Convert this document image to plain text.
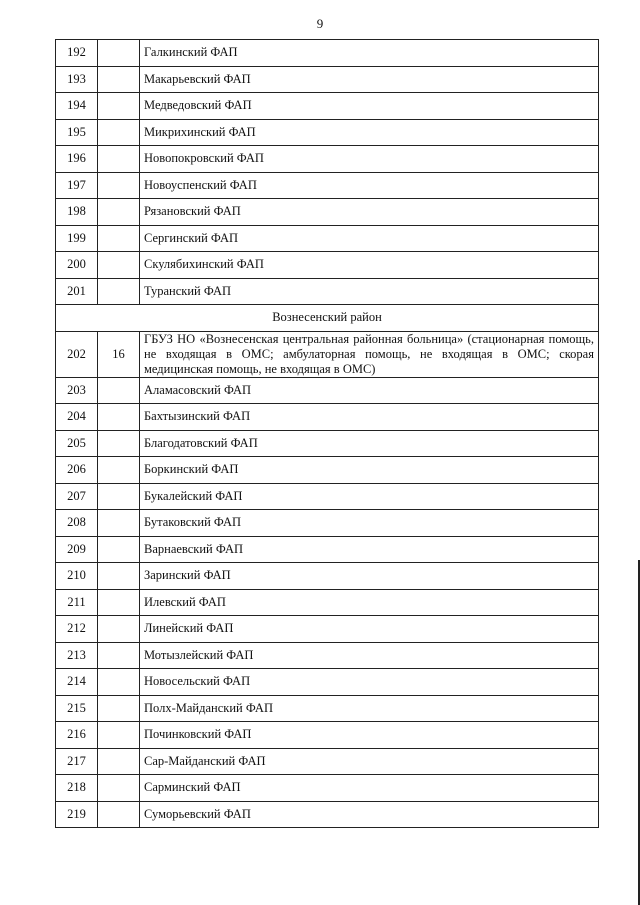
9
192		Галкинский ФАП
193		Макарьевский ФАП
194		Медведовский ФАП
195		Микрихинский ФАП
196		Новопокровский ФАП
197		Новоуспенский ФАП
198		Рязановский ФАП
199		Сергинский ФАП
200		Скулябихинский ФАП
201		Туранский ФАП
Вознесенский район		
202	16	ГБУЗ НО «Вознесенская центральная районная больница» (стационарная помощь, не входящая в ОМС; амбулаторная помощь, не входящая в ОМС; скорая медицинская помощь, не входящая в ОМС)
203		Аламасовский ФАП
204		Бахтызинский ФАП
205		Благодатовский ФАП
206		Боркинский ФАП
207		Букалейский ФАП
208		Бутаковский ФАП
209		Варнаевский ФАП
210		Заринский ФАП
211		Илевский ФАП
212		Линейский ФАП
213		Мотызлейский ФАП
214		Новосельский ФАП
215		Полх-Майданский ФАП
216		Починковский ФАП
217		Сар-Майданский ФАП
218		Сарминский ФАП
219		Суморьевский ФАП
